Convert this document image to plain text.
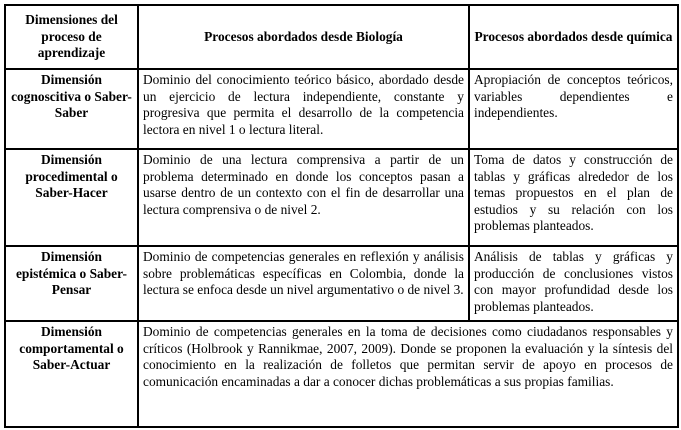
Dimensiones del proceso de aprendizaje	Procesos abordados desde Biología	Procesos abordados desde química
Dimensión cognoscitiva o Saber-Saber	Dominio del conocimiento teórico básico, abordado desde un ejercicio de lectura independiente, constante y progresiva que permita el desarrollo de la competencia lectora en nivel 1 o lectura literal.	Apropiación de conceptos teóricos, variables dependientes e independientes.
Dimensión procedimental o Saber-Hacer	Dominio de una lectura comprensiva a partir de un problema determinado en donde los conceptos pasan a usarse dentro de un contexto con el fin de desarrollar una lectura comprensiva o de nivel 2.	Toma de datos y construcción de tablas y gráficas alrededor de los temas propuestos en el plan de estudios y su relación con los problemas planteados.
Dimensión epistémica o Saber-Pensar	Dominio de competencias generales en reflexión y análisis sobre problemáticas específicas en Colombia, donde la lectura se enfoca desde un nivel argumentativo o de nivel 3.	Análisis de tablas y gráficas y producción de conclusiones vistos con mayor profundidad desde los problemas planteados.
Dimensión comportamental o Saber-Actuar	Dominio de competencias generales en la toma de decisiones como ciudadanos responsables y críticos (Holbrook y Rannikmae, 2007, 2009). Donde se proponen la evaluación y la síntesis del conocimiento en la realización de folletos que permitan servir de apoyo en procesos de comunicación encaminadas a dar a conocer dichas problemáticas a sus propias familias.	
